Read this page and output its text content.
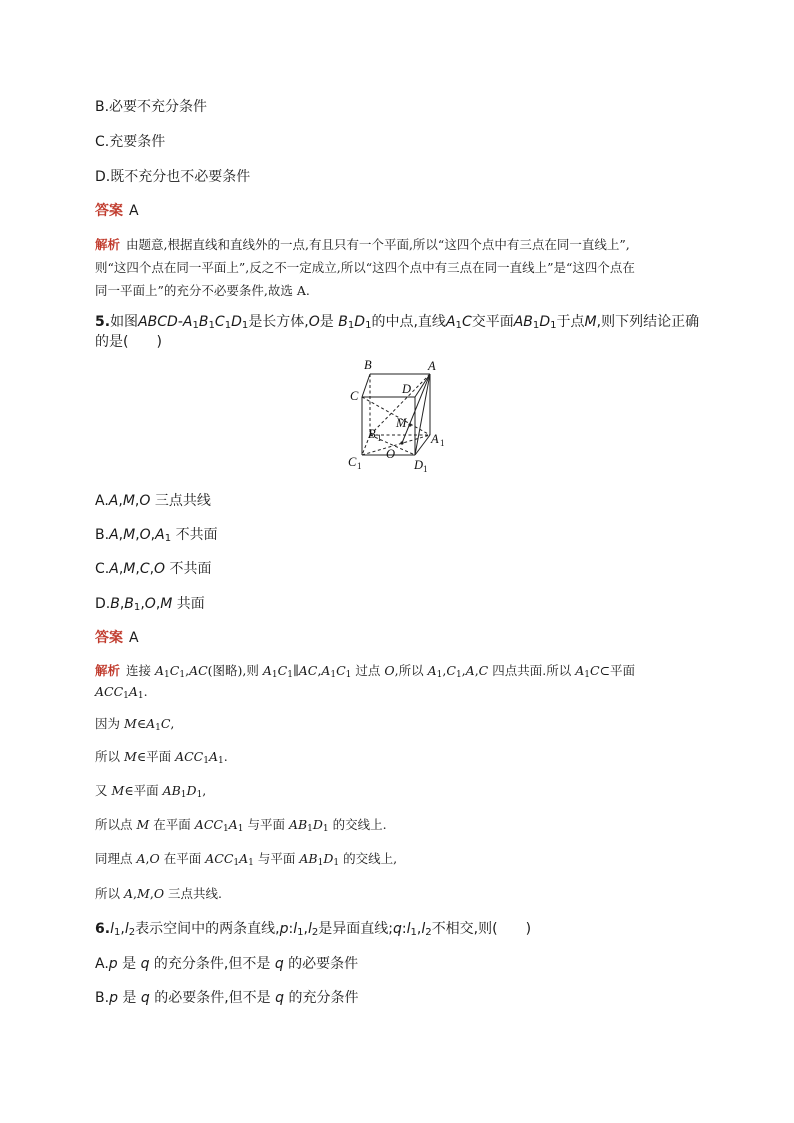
B.必要不充分条件
C.充要条件
D.既不充分也不必要条件
答案 A
解析 由题意,根据直线和直线外的一点,有且只有一个平面,所以“这四个点中有三点在同一直线上”,
则“这四个点在同一平面上”,反之不一定成立,所以“这四个点中有三点在同一直线上”是“这四个点在
同一平面上”的充分不必要条件,故选 A.
5.如图ABCD-$A_1B_1C_1D_1$是长方体,O是 $B_1D_1$的中点,直线$A_1C$交平面$AB_1D_1$于点M,则下列结论正确
的是(　　)
B
D
A
C
B 1
M
A 1
O
C 1	D 1
A.A,M,O 三点共线
$B.A,M,O,A_1$ 不共面
C.A,M,C,O 不共面
$D.B,B_1,O,M$ 共面
答案 A
解析 连接 $A_1C_1,AC$(图略),则 $A_1C_1\parallel AC,A_1C_1$ 过点 O,所以 $A_1,C_1,A,C$ 四点共面.所以 $A_1C\subset$平面
$ACC_1A_1$.
因为 $M\in A_1C$,
所以 M∈平面 $ACC_1A_1$.
又 M∈平面 $AB_1D_1$,
所以点 M 在平面 $ACC_1A_1$ 与平面 $AB_1D_1$ 的交线上.
同理点 A,O 在平面 $ACC_1A_1$ 与平面 $AB_1D_1$ 的交线上,
所以 A,M,O 三点共线.
$6.l_1,l_2$表示空间中的两条直线$,p:l_1,l_2$是异面直线$;q:l_1,l_2$不相交,则(　　)
A.p 是 q 的充分条件,但不是 q 的必要条件
B.p 是 q 的必要条件,但不是 q 的充分条件
